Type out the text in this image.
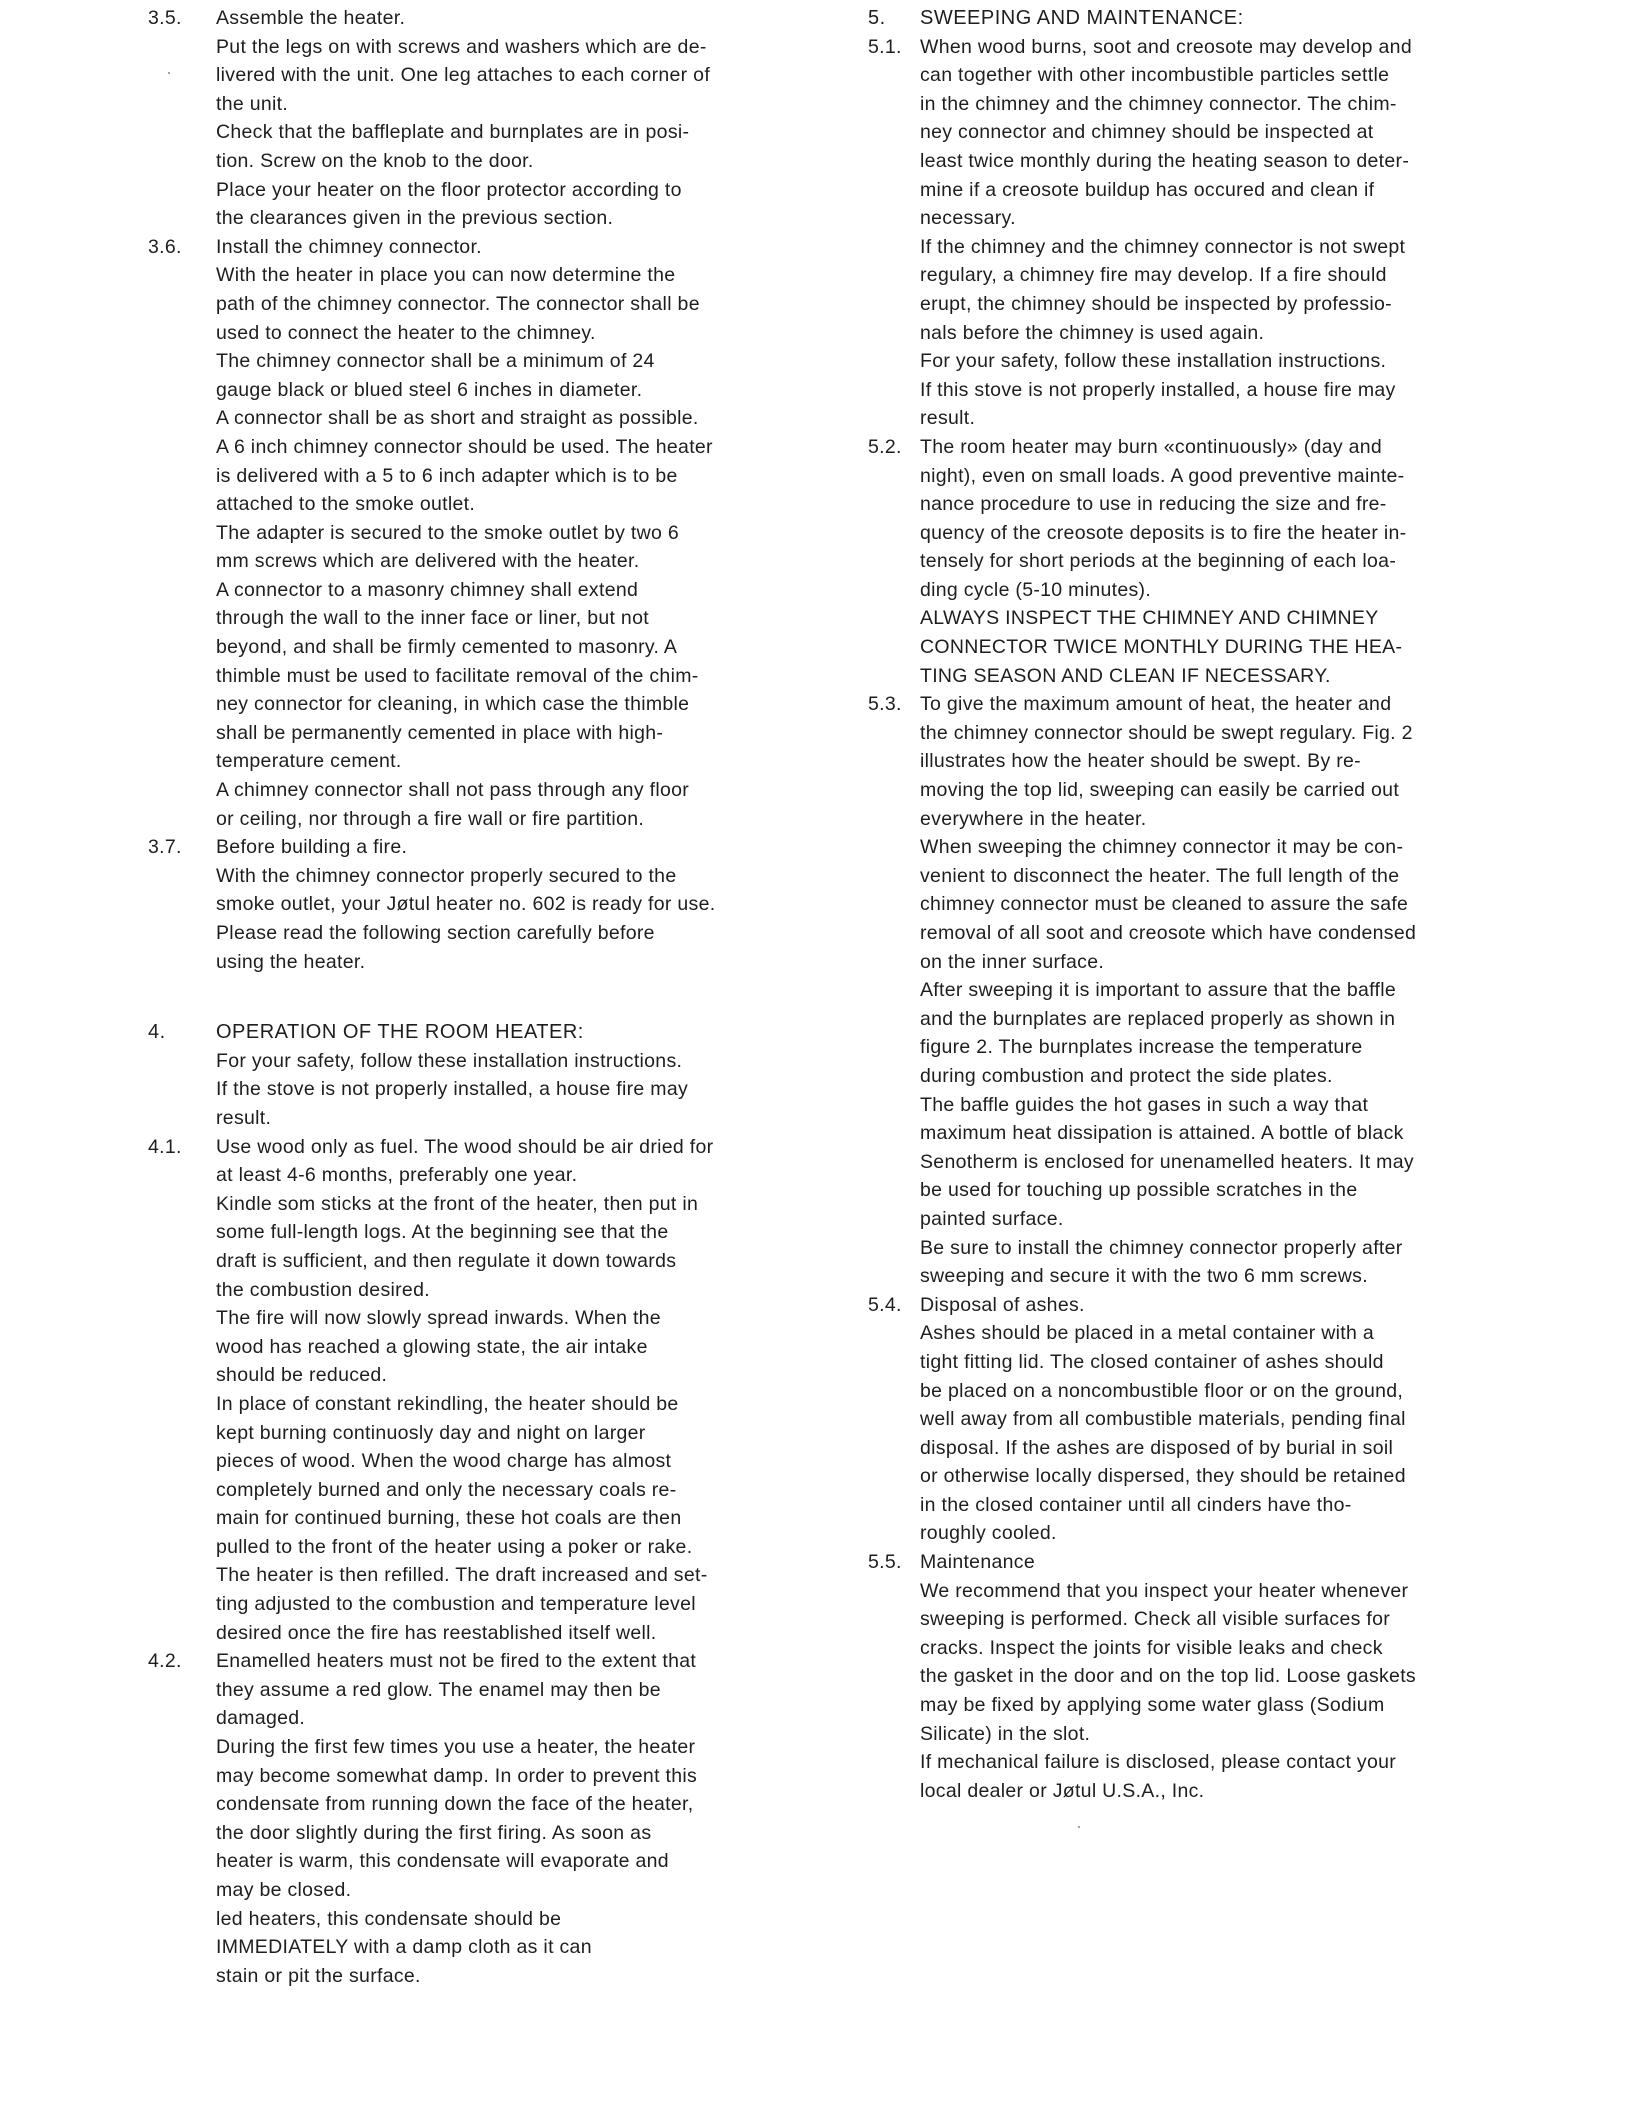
3.5. Assemble the heater.
Put the legs on with screws and washers which are de-
livered with the unit. One leg attaches to each corner of
the unit.
Check that the baffleplate and burnplates are in posi-
tion. Screw on the knob to the door.
Place your heater on the floor protector according to
the clearances given in the previous section.
3.6. Install the chimney connector.
With the heater in place you can now determine the
path of the chimney connector. The connector shall be
used to connect the heater to the chimney.
The chimney connector shall be a minimum of 24
gauge black or blued steel 6 inches in diameter.
A connector shall be as short and straight as possible.
A 6 inch chimney connector should be used. The heater
is delivered with a 5 to 6 inch adapter which is to be
attached to the smoke outlet.
The adapter is secured to the smoke outlet by two 6
mm screws which are delivered with the heater.
A connector to a masonry chimney shall extend
through the wall to the inner face or liner, but not
beyond, and shall be firmly cemented to masonry. A
thimble must be used to facilitate removal of the chim-
ney connector for cleaning, in which case the thimble
shall be permanently cemented in place with high-
temperature cement.
A chimney connector shall not pass through any floor
or ceiling, nor through a fire wall or fire partition.
3.7. Before building a fire.
With the chimney connector properly secured to the
smoke outlet, your Jøtul heater no. 602 is ready for use.
Please read the following section carefully before
using the heater.
4.	OPERATION OF THE ROOM HEATER:
For your safety, follow these installation instructions.
If the stove is not properly installed, a house fire may
result.
4.1. Use wood only as fuel. The wood should be air dried for
at least 4-6 months, preferably one year.
Kindle som sticks at the front of the heater, then put in
some full-length logs. At the beginning see that the
draft is sufficient, and then regulate it down towards
the combustion desired.
The fire will now slowly spread inwards. When the
wood has reached a glowing state, the air intake
should be reduced.
In place of constant rekindling, the heater should be
kept burning continuosly day and night on larger
pieces of wood. When the wood charge has almost
completely burned and only the necessary coals re-
main for continued burning, these hot coals are then
pulled to the front of the heater using a poker or rake.
The heater is then refilled. The draft increased and set-
ting adjusted to the combustion and temperature level
desired once the fire has reestablished itself well.
4.2. Enamelled heaters must not be fired to the extent that
they assume a red glow. The enamel may then be
damaged.
During the first few times you use a heater, the heater
may become somewhat damp. In order to prevent this
condensate from running down the face of the heater,
the door slightly during the first firing. As soon as
heater is warm, this condensate will evaporate and
may be closed.
led heaters, this condensate should be
IMMEDIATELY with a damp cloth as it can
stain or pit the surface.
5. SWEEPING AND MAINTENANCE:
5.1. When wood burns, soot and creosote may develop and
can together with other incombustible particles settle
in the chimney and the chimney connector. The chim-
ney connector and chimney should be inspected at
least twice monthly during the heating season to deter-
mine if a creosote buildup has occured and clean if
necessary.
If the chimney and the chimney connector is not swept
regulary, a chimney fire may develop. If a fire should
erupt, the chimney should be inspected by professio-
nals before the chimney is used again.
For your safety, follow these installation instructions.
If this stove is not properly installed, a house fire may
result.
5.2. The room heater may burn «continuously» (day and
night), even on small loads. A good preventive mainte-
nance procedure to use in reducing the size and fre-
quency of the creosote deposits is to fire the heater in-
tensely for short periods at the beginning of each loa-
ding cycle (5-10 minutes).
ALWAYS INSPECT THE CHIMNEY AND CHIMNEY
CONNECTOR TWICE MONTHLY DURING THE HEA-
TING SEASON AND CLEAN IF NECESSARY.
5.3. To give the maximum amount of heat, the heater and
the chimney connector should be swept regulary. Fig. 2
illustrates how the heater should be swept. By re-
moving the top lid, sweeping can easily be carried out
everywhere in the heater.
When sweeping the chimney connector it may be con-
venient to disconnect the heater. The full length of the
chimney connector must be cleaned to assure the safe
removal of all soot and creosote which have condensed
on the inner surface.
After sweeping it is important to assure that the baffle
and the burnplates are replaced properly as shown in
figure 2. The burnplates increase the temperature
during combustion and protect the side plates.
The baffle guides the hot gases in such a way that
maximum heat dissipation is attained. A bottle of black
Senotherm is enclosed for unenamelled heaters. It may
be used for touching up possible scratches in the
painted surface.
Be sure to install the chimney connector properly after
sweeping and secure it with the two 6 mm screws.
5.4. Disposal of ashes.
Ashes should be placed in a metal container with a
tight fitting lid. The closed container of ashes should
be placed on a noncombustible floor or on the ground,
well away from all combustible materials, pending final
disposal. If the ashes are disposed of by burial in soil
or otherwise locally dispersed, they should be retained
in the closed container until all cinders have tho-
roughly cooled.
5.5. Maintenance
We recommend that you inspect your heater whenever
sweeping is performed. Check all visible surfaces for
cracks. Inspect the joints for visible leaks and check
the gasket in the door and on the top lid. Loose gaskets
may be fixed by applying some water glass (Sodium
Silicate) in the slot.
If mechanical failure is disclosed, please contact your
local dealer or Jøtul U.S.A., Inc.
